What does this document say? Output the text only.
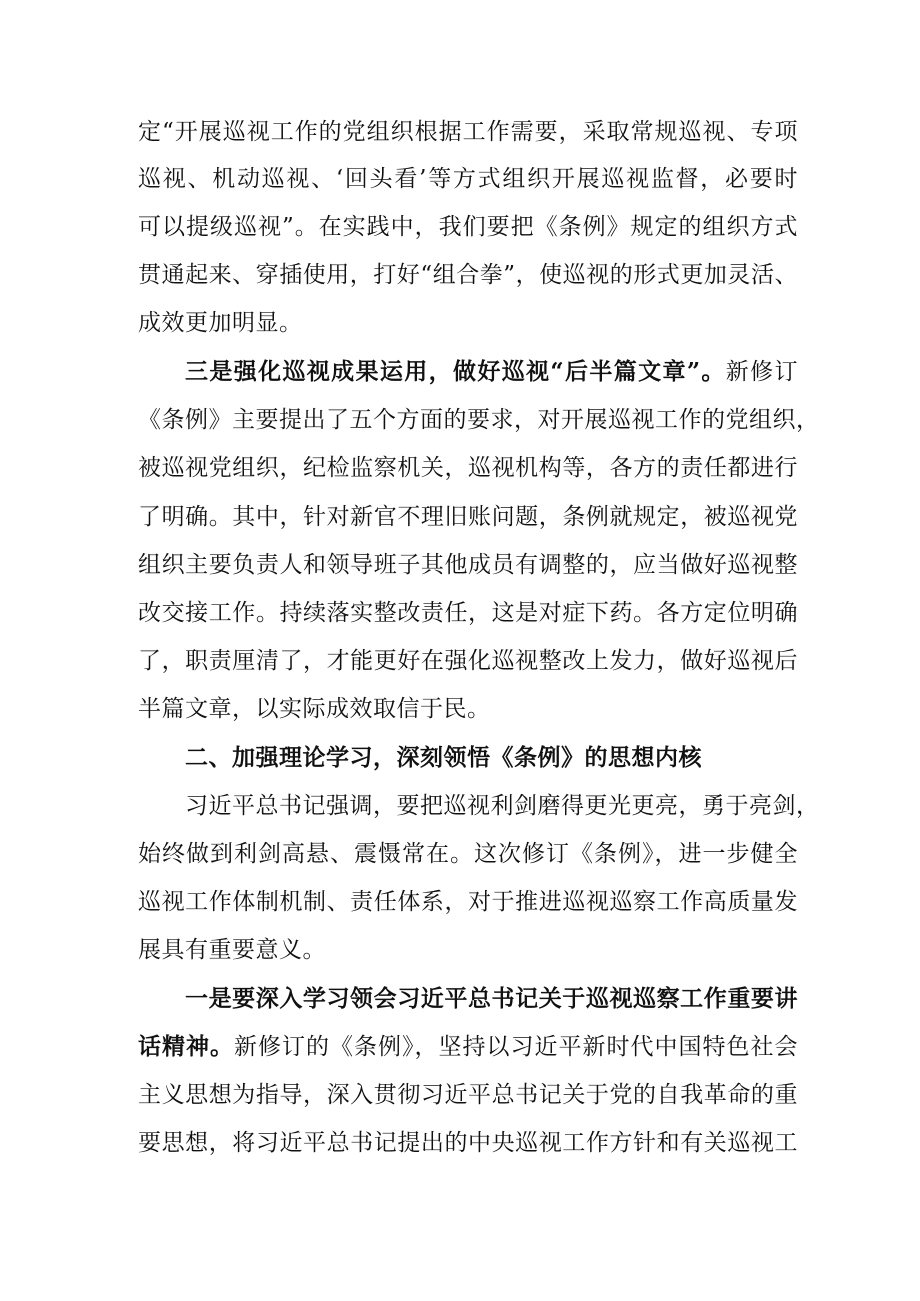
定“开展巡视工作的党组织根据工作需要，采取常规巡视、专项
巡视、机动巡视、‘回头看’等方式组织开展巡视监督，必要时
可以提级巡视”。在实践中，我们要把《条例》规定的组织方式
贯通起来、穿插使用，打好“组合拳”，使巡视的形式更加灵活、
成效更加明显。
三是强化巡视成果运用，做好巡视“后半篇文章”。新修订
《条例》主要提出了五个方面的要求，对开展巡视工作的党组织，
被巡视党组织，纪检监察机关，巡视机构等，各方的责任都进行
了明确。其中，针对新官不理旧账问题，条例就规定，被巡视党
组织主要负责人和领导班子其他成员有调整的，应当做好巡视整
改交接工作。持续落实整改责任，这是对症下药。各方定位明确
了，职责厘清了，才能更好在强化巡视整改上发力，做好巡视后
半篇文章，以实际成效取信于民。
二、加强理论学习，深刻领悟《条例》的思想内核
习近平总书记强调，要把巡视利剑磨得更光更亮，勇于亮剑，
始终做到利剑高悬、震慑常在。这次修订《条例》，进一步健全
巡视工作体制机制、责任体系，对于推进巡视巡察工作高质量发
展具有重要意义。
一是要深入学习领会习近平总书记关于巡视巡察工作重要讲
话精神。新修订的《条例》，坚持以习近平新时代中国特色社会
主义思想为指导，深入贯彻习近平总书记关于党的自我革命的重
要思想，将习近平总书记提出的中央巡视工作方针和有关巡视工
